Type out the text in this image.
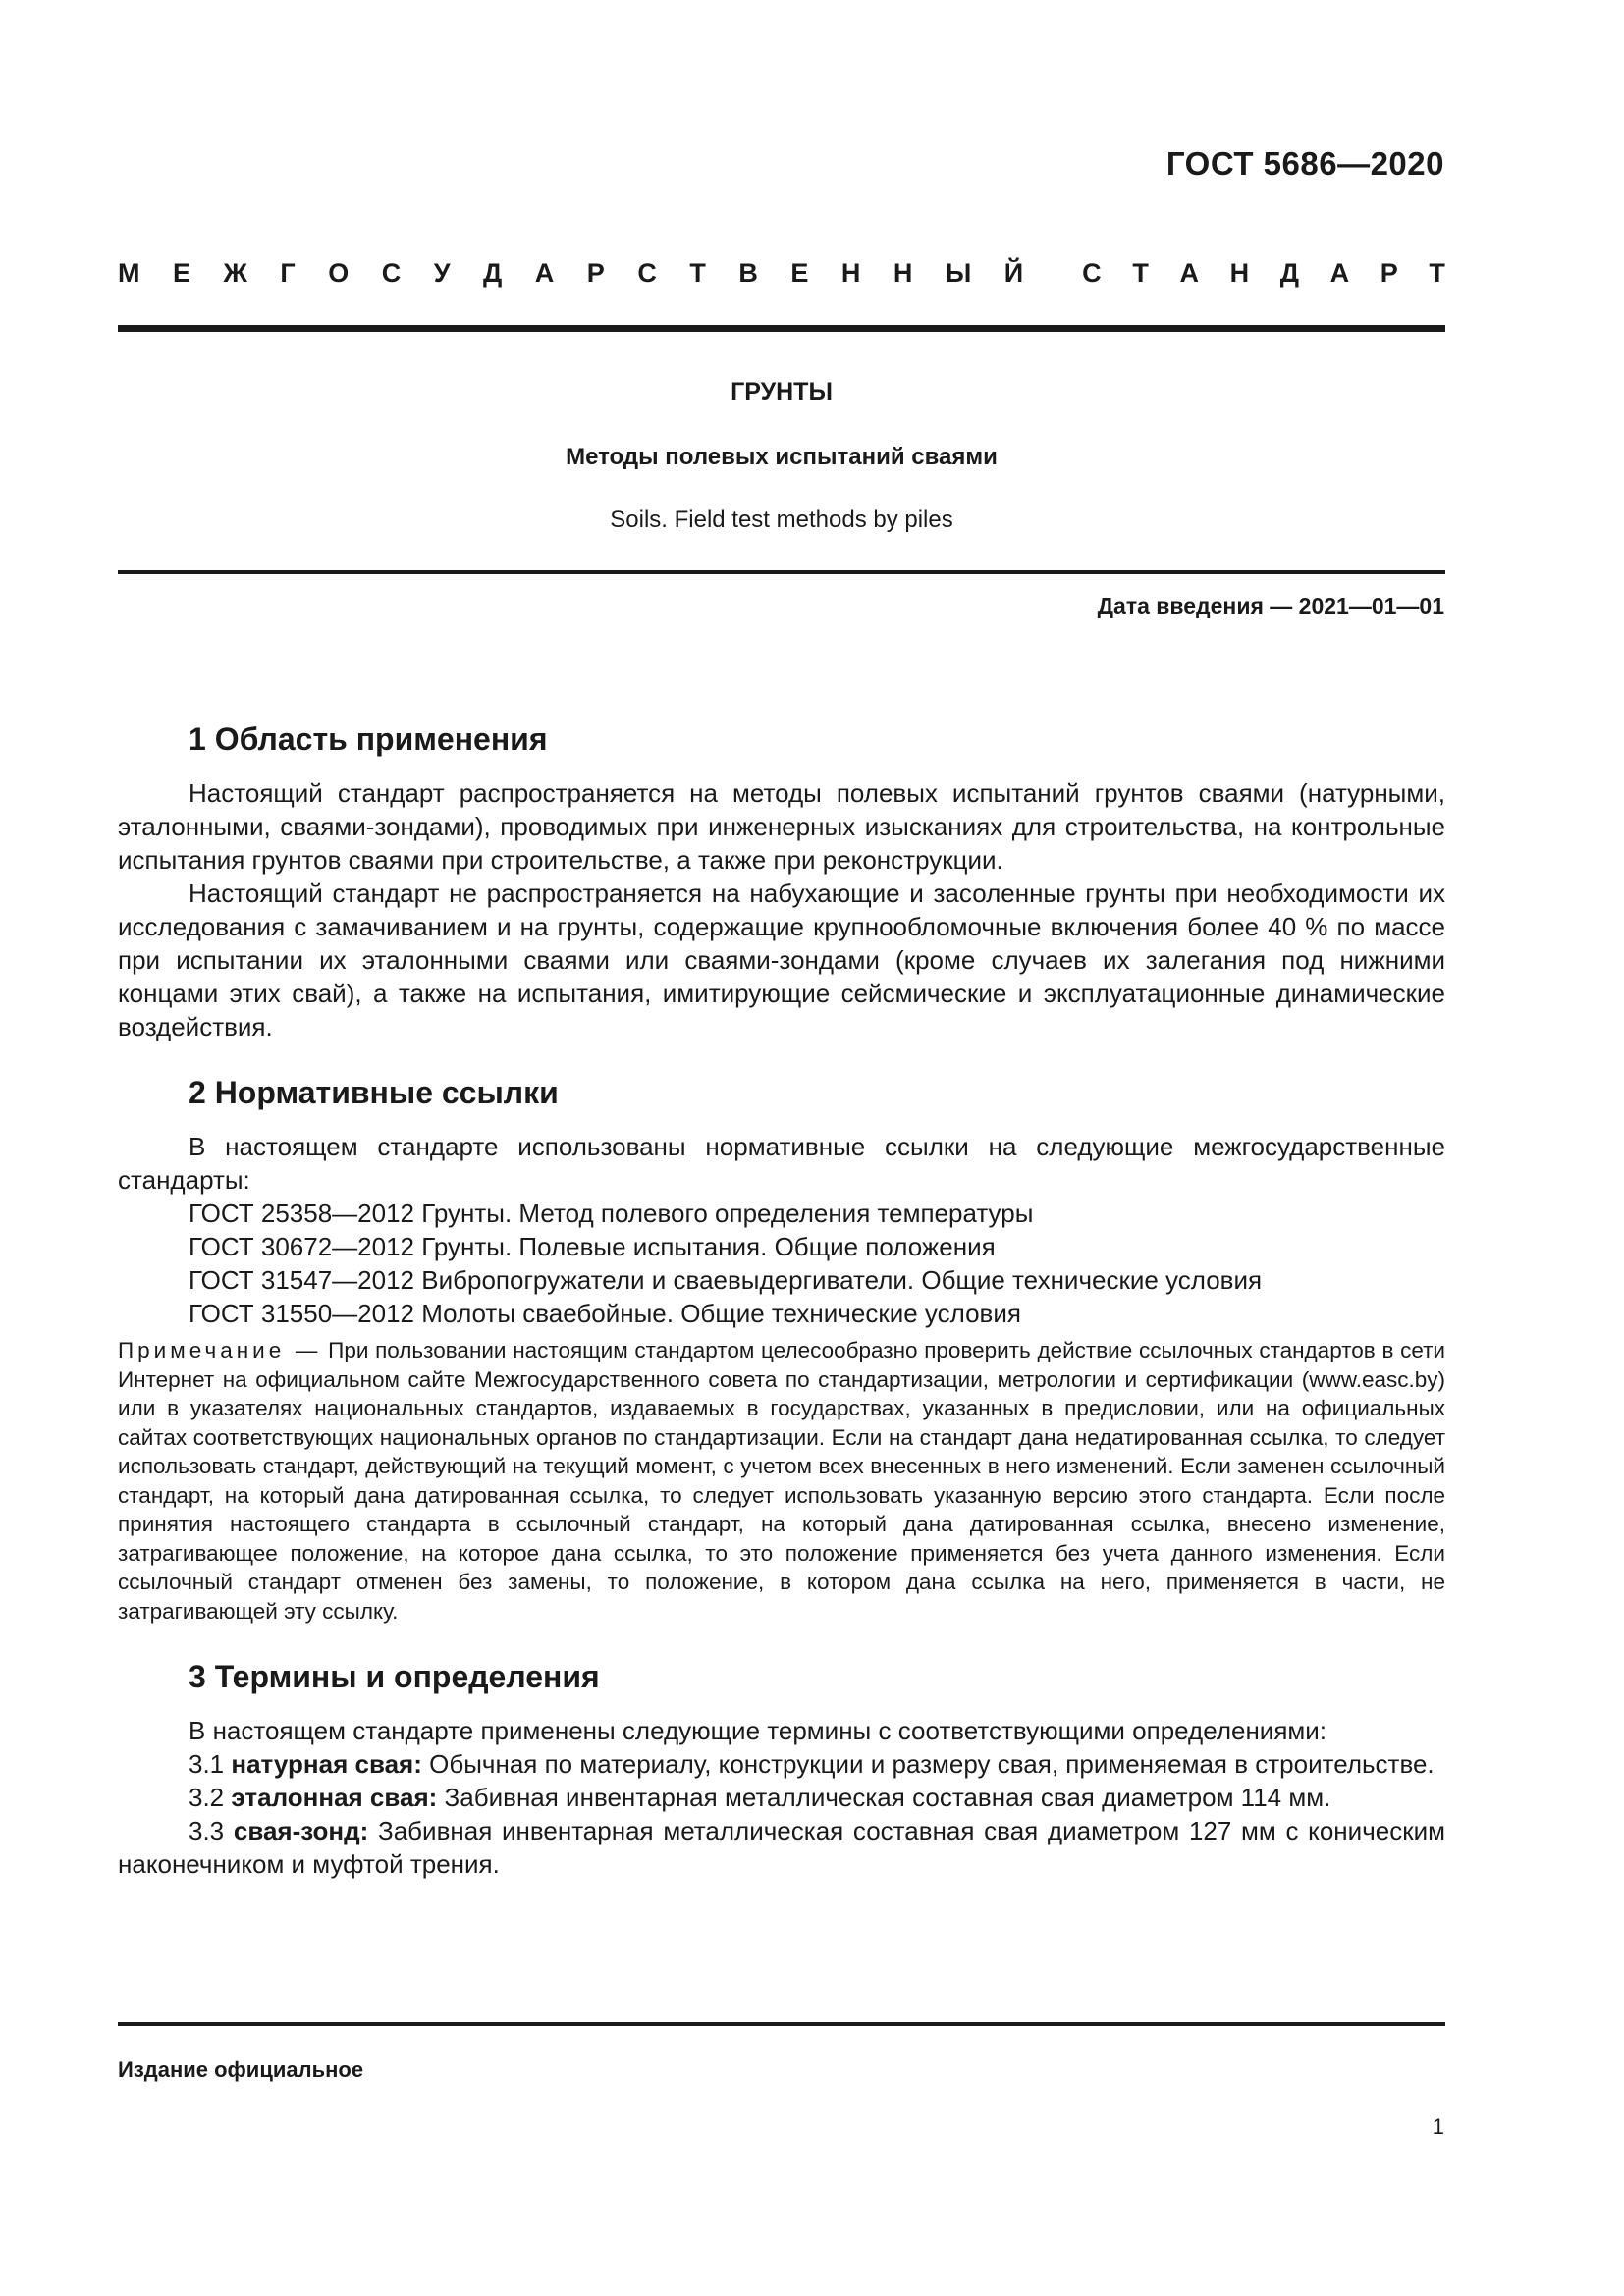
ГОСТ 5686—2020
М Е Ж Г О С У Д А Р С Т В Е Н Н Ы Й С Т А Н Д А Р Т
ГРУНТЫ
Методы полевых испытаний сваями
Soils. Field test methods by piles
Дата введения — 2021—01—01
1 Область применения

Настоящий стандарт распространяется на методы полевых испытаний грунтов сваями (натурными, эталонными, сваями-зондами), проводимых при инженерных изысканиях для строительства, на контрольные испытания грунтов сваями при строительстве, а также при реконструкции.

Настоящий стандарт не распространяется на набухающие и засоленные грунты при необходимости их исследования с замачиванием и на грунты, содержащие крупнообломочные включения более 40 % по массе при испытании их эталонными сваями или сваями-зондами (кроме случаев их залегания под нижними концами этих свай), а также на испытания, имитирующие сейсмические и эксплуатационные динамические воздействия.

2 Нормативные ссылки

В настоящем стандарте использованы нормативные ссылки на следующие межгосударственные стандарты:

ГОСТ 25358—2012 Грунты. Метод полевого определения температуры

ГОСТ 30672—2012 Грунты. Полевые испытания. Общие положения

ГОСТ 31547—2012 Вибропогружатели и сваевыдергиватели. Общие технические условия

ГОСТ 31550—2012 Молоты сваебойные. Общие технические условия

Примечание — При пользовании настоящим стандартом целесообразно проверить действие ссылочных стандартов в сети Интернет на официальном сайте Межгосударственного совета по стандартизации, метрологии и сертификации (www.easc.by) или в указателях национальных стандартов, издаваемых в государствах, указанных в предисловии, или на официальных сайтах соответствующих национальных органов по стандартизации. Если на стандарт дана недатированная ссылка, то следует использовать стандарт, действующий на текущий момент, с учетом всех внесенных в него изменений. Если заменен ссылочный стандарт, на который дана датированная ссылка, то следует использовать указанную версию этого стандарта. Если после принятия настоящего стандарта в ссылочный стандарт, на который дана датированная ссылка, внесено изменение, затрагивающее положение, на которое дана ссылка, то это положение применяется без учета данного изменения. Если ссылочный стандарт отменен без замены, то положение, в котором дана ссылка на него, применяется в части, не затрагивающей эту ссылку.

3 Термины и определения

В настоящем стандарте применены следующие термины с соответствующими определениями:

3.1 натурная свая: Обычная по материалу, конструкции и размеру свая, применяемая в строительстве.

3.2 эталонная свая: Забивная инвентарная металлическая составная свая диаметром 114 мм.

3.3 свая-зонд: Забивная инвентарная металлическая составная свая диаметром 127 мм с коническим наконечником и муфтой трения.

Издание официальное
1
